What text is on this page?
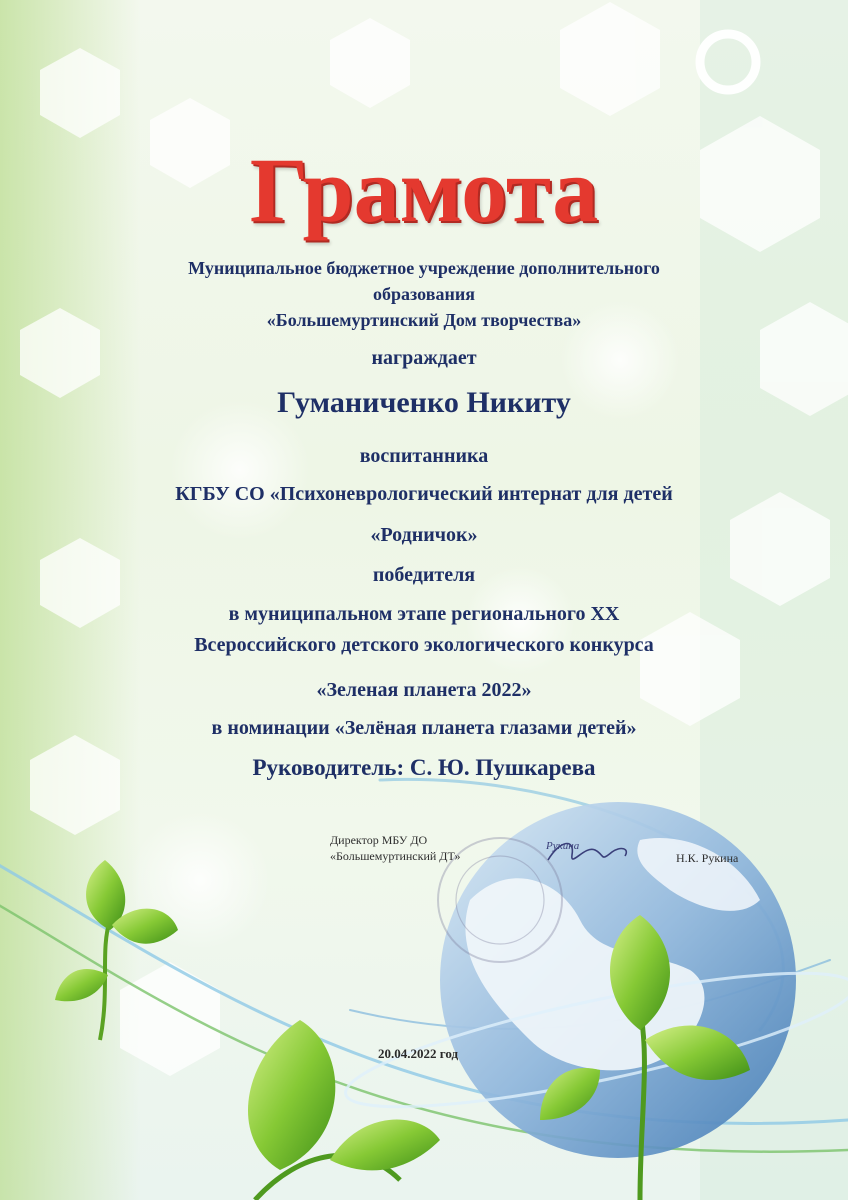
Грамота
Муниципальное бюджетное учреждение дополнительного
образования
«Большемуртинский Дом творчества»
награждает
Гуманиченко Никиту
воспитанника
КГБУ СО «Психоневрологический интернат для детей
«Родничок»
победителя
в муниципальном этапе регионального XX
Всероссийского детского экологического конкурса
«Зеленая планета 2022»
в номинации «Зелёная планета глазами детей»
Руководитель: С. Ю. Пушкарева
Директор МБУ ДО
«Большемуртинский ДТ»
Рукина
Н.К. Рукина
20.04.2022 год
